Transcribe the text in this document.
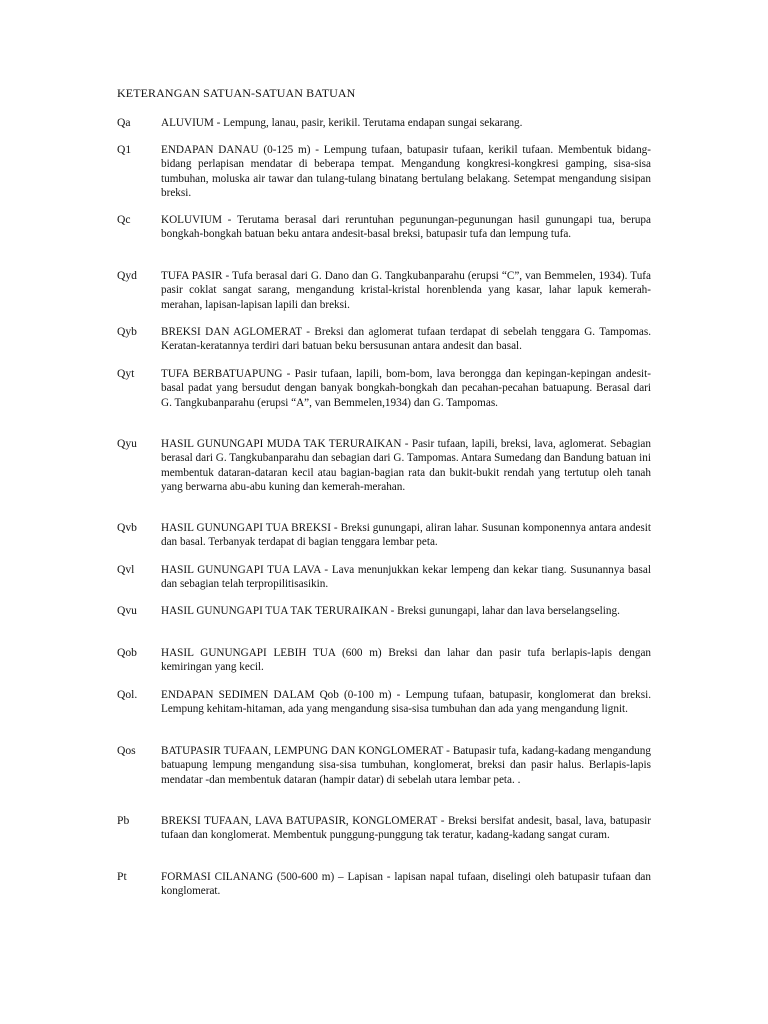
KETERANGAN SATUAN-SATUAN BATUAN
Qa	ALUVIUM - Lempung, lanau, pasir, kerikil. Terutama endapan sungai sekarang.
Q1	ENDAPAN DANAU (0-125 m) - Lempung tufaan, batupasir tufaan, kerikil tufaan. Membentuk bidang-bidang perlapisan mendatar di beberapa tempat. Mengandung kongkresi-kongkresi gamping, sisa-sisa tumbuhan, moluska air tawar dan tulang-tulang binatang bertulang belakang. Setempat mengandung sisipan breksi.
Qc	KOLUVIUM - Terutama berasal dari reruntuhan pegunungan-pegunungan hasil gunungapi tua, berupa bongkah-bongkah batuan beku antara andesit-basal breksi, batupasir tufa dan lempung tufa.
Qyd	TUFA PASIR - Tufa berasal dari G. Dano dan G. Tangkubanparahu (erupsi “C”, van Bemmelen, 1934). Tufa pasir coklat sangat sarang, mengandung kristal-kristal horenblenda yang kasar, lahar lapuk kemerah-merahan, lapisan-lapisan lapili dan breksi.
Qyb	BREKSI DAN AGLOMERAT - Breksi dan aglomerat tufaan terdapat di sebelah tenggara G. Tampomas. Keratan-keratannya terdiri dari batuan beku bersusunan antara andesit dan basal.
Qyt	TUFA BERBATUAPUNG - Pasir tufaan, lapili, bom-bom, lava berongga dan kepingan-kepingan andesit-basal padat yang bersudut dengan banyak bongkah-bongkah dan pecahan-pecahan batuapung. Berasal dari G. Tangkubanparahu (erupsi “A”, van Bemmelen,1934) dan G. Tampomas.
Qyu	HASIL GUNUNGAPI MUDA TAK TERURAIKAN - Pasir tufaan, lapili, breksi, lava, aglomerat. Sebagian berasal dari G. Tangkubanparahu dan sebagian dari G. Tampomas. Antara Sumedang dan Bandung batuan ini membentuk dataran-dataran kecil atau bagian-bagian rata dan bukit-bukit rendah yang tertutup oleh tanah yang berwarna abu-abu kuning dan kemerah-merahan.
Qvb	HASIL GUNUNGAPI TUA BREKSI - Breksi gunungapi, aliran lahar. Susunan komponennya antara andesit dan basal. Terbanyak terdapat di bagian tenggara lembar peta.
Qvl	HASIL GUNUNGAPI TUA LAVA - Lava menunjukkan kekar lempeng dan kekar tiang. Susunannya basal dan sebagian telah terpropilitisasikin.
Qvu	HASIL GUNUNGAPI TUA TAK TERURAIKAN - Breksi gunungapi, lahar dan lava berselangseling.
Qob	HASIL GUNUNGAPI LEBIH TUA (600 m) Breksi dan lahar dan pasir tufa berlapis-lapis dengan kemiringan yang kecil.
Qol.	ENDAPAN SEDIMEN DALAM Qob (0-100 m) - Lempung tufaan, batupasir, konglomerat dan breksi. Lempung kehitam-hitaman, ada yang mengandung sisa-sisa tumbuhan dan ada yang mengandung lignit.
Qos	BATUPASIR TUFAAN, LEMPUNG DAN KONGLOMERAT - Batupasir tufa, kadang-kadang mengandung batuapung lempung mengandung sisa-sisa tumbuhan, konglomerat, breksi dan pasir halus. Berlapis-lapis mendatar -dan membentuk dataran (hampir datar) di sebelah utara lembar peta. .
Pb	BREKSI TUFAAN, LAVA BATUPASIR, KONGLOMERAT - Breksi bersifat andesit, basal, lava, batupasir tufaan dan konglomerat. Membentuk punggung-punggung tak teratur, kadang-kadang sangat curam.
Pt	FORMASI CILANANG (500-600 m) – Lapisan - lapisan napal tufaan, diselingi oleh batupasir tufaan dan konglomerat.
